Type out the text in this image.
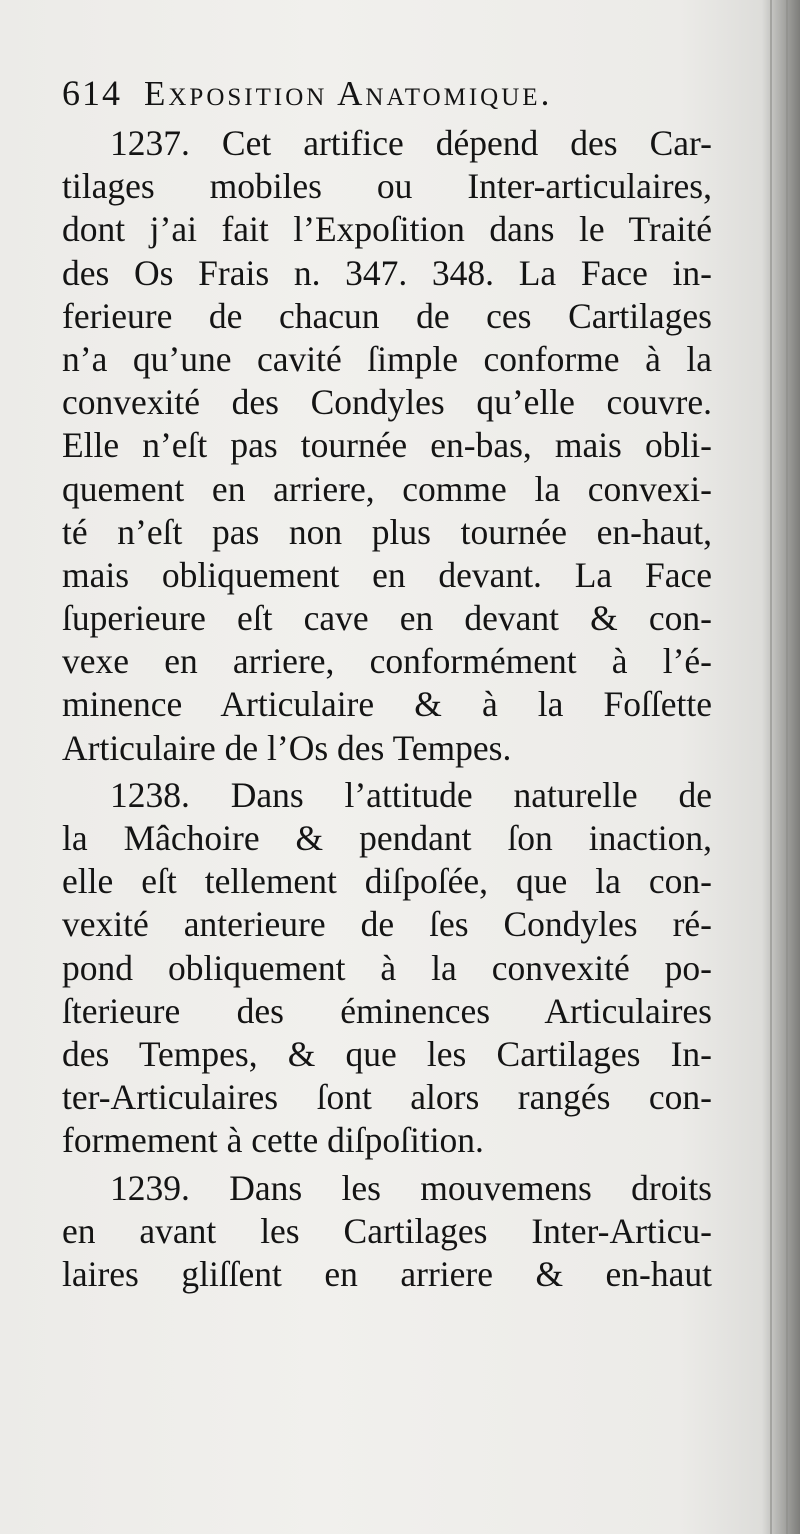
614 Exposition Anatomique.
1237. Cet artifice dépend des Car-
tilages mobiles ou Inter-articulaires,
dont j’ai fait l’Expoſition dans le Traité
des Os Frais n. 347. 348. La Face in-
ferieure de chacun de ces Cartilages
n’a qu’une cavité ſimple conforme à la
convexité des Condyles qu’elle couvre.
Elle n’eſt pas tournée en-bas, mais obli-
quement en arriere, comme la convexi-
té n’eſt pas non plus tournée en-haut,
mais obliquement en devant. La Face
ſuperieure eſt cave en devant & con-
vexe en arriere, conformément à l’é-
minence Articulaire & à la Foſſette
Articulaire de l’Os des Tempes.
1238. Dans l’attitude naturelle de
la Mâchoire & pendant ſon inaction,
elle eſt tellement diſpoſée, que la con-
vexité anterieure de ſes Condyles ré-
pond obliquement à la convexité po-
ſterieure des éminences Articulaires
des Tempes, & que les Cartilages In-
ter-Articulaires ſont alors rangés con-
formement à cette diſpoſition.
1239. Dans les mouvemens droits
en avant les Cartilages Inter-Articu-
laires gliſſent en arriere & en-haut
